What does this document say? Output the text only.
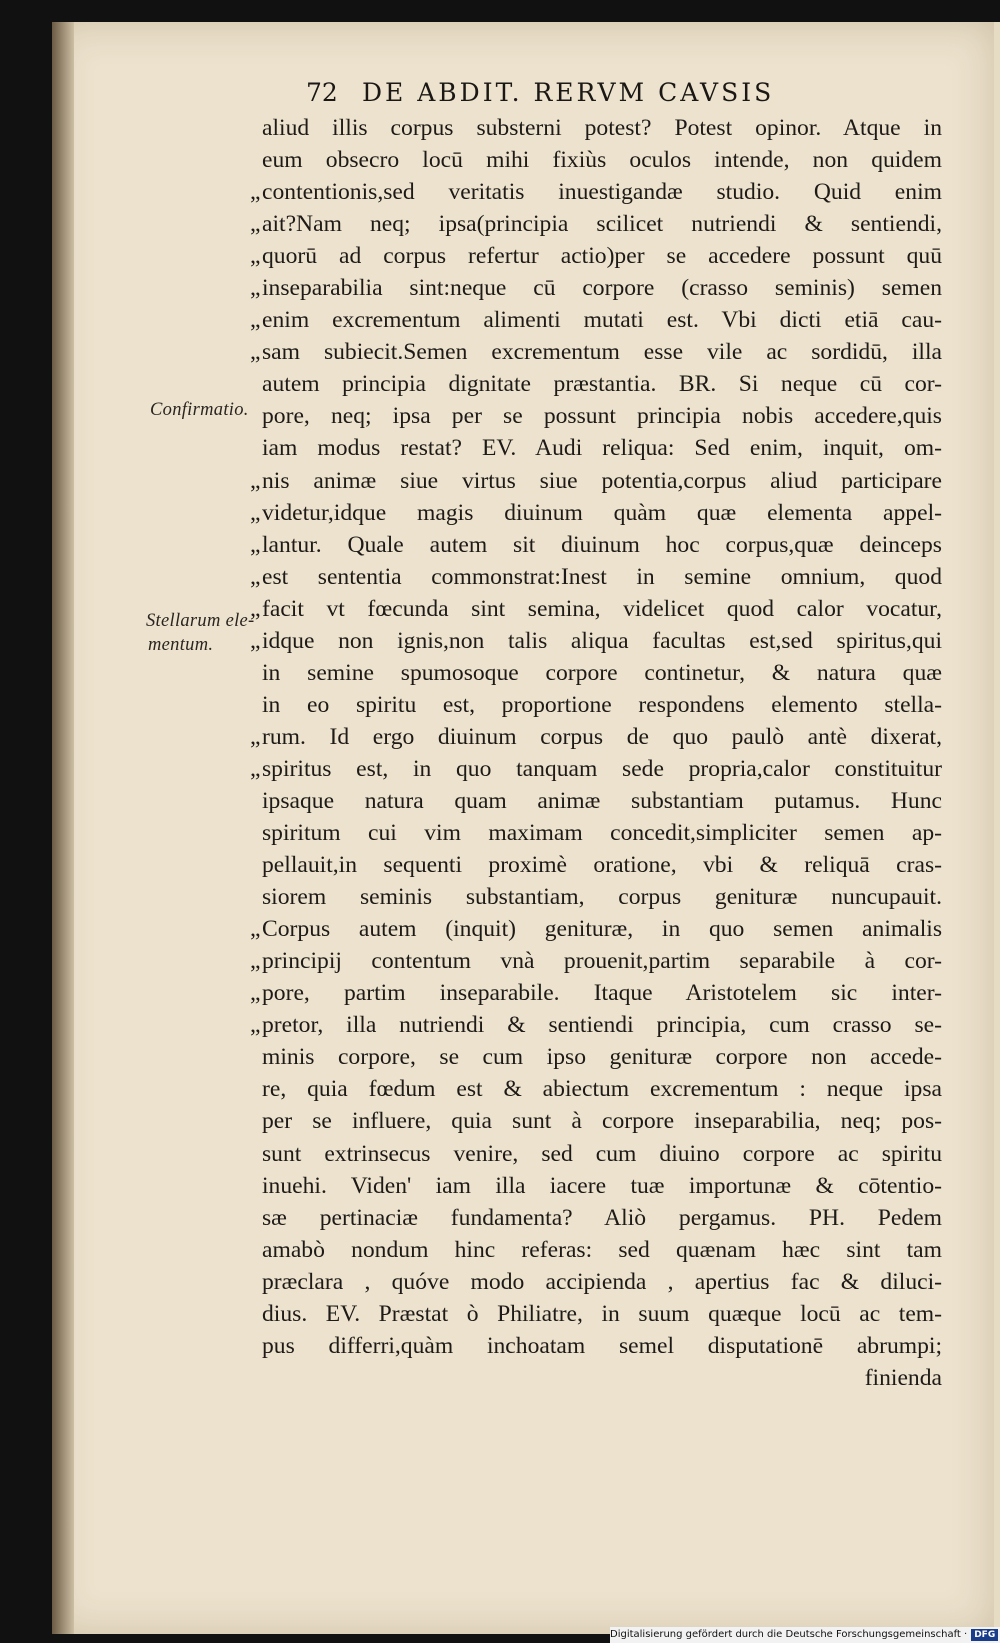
72 DE ABDIT. RERVM CAVSIS
Confirmatio.
Stellarum ele-
mentum.
aliud illis corpus substerni potest? Potest opinor. Atque in
eum obsecro locū mihi fixiùs oculos intende, non quidem
„ contentionis,sed veritatis inuestigandæ studio. Quid enim
„ ait?Nam neq; ipsa(principia scilicet nutriendi & sentiendi,
„ quorū ad corpus refertur actio)per se accedere possunt quū
„ inseparabilia sint:neque cū corpore (crasso seminis) semen
„ enim excrementum alimenti mutati est. Vbi dicti etiā cau-
„ sam subiecit.Semen excrementum esse vile ac sordidū, illa
autem principia dignitate præstantia. BR. Si neque cū cor-
pore, neq; ipsa per se possunt principia nobis accedere,quis
iam modus restat? EV. Audi reliqua: Sed enim, inquit, om-
„ nis animæ siue virtus siue potentia,corpus aliud participare
„ videtur,idque magis diuinum quàm quæ elementa appel-
„ lantur. Quale autem sit diuinum hoc corpus,quæ deinceps
„ est sententia commonstrat:Inest in semine omnium, quod
„ facit vt fœcunda sint semina, videlicet quod calor vocatur,
„ idque non ignis,non talis aliqua facultas est,sed spiritus,qui
in semine spumosoque corpore continetur, & natura quæ
in eo spiritu est, proportione respondens elemento stella-
„ rum. Id ergo diuinum corpus de quo paulò antè dixerat,
„ spiritus est, in quo tanquam sede propria,calor constituitur
ipsaque natura quam animæ substantiam putamus. Hunc
spiritum cui vim maximam concedit,simpliciter semen ap-
pellauit,in sequenti proximè oratione, vbi & reliquā cras-
siorem seminis substantiam, corpus genituræ nuncupauit.
„ Corpus autem (inquit) genituræ, in quo semen animalis
„ principij contentum vnà prouenit,partim separabile à cor-
„ pore, partim inseparabile. Itaque Aristotelem sic inter-
„ pretor, illa nutriendi & sentiendi principia, cum crasso se-
minis corpore, se cum ipso genituræ corpore non accede-
re, quia fœdum est & abiectum excrementum : neque ipsa
per se influere, quia sunt à corpore inseparabilia, neq; pos-
sunt extrinsecus venire, sed cum diuino corpore ac spiritu
inuehi. Viden' iam illa iacere tuæ importunæ & cōtentio-
sæ pertinaciæ fundamenta? Aliò pergamus. PH. Pedem
amabò nondum hinc referas: sed quænam hæc sint tam
præclara , quóve modo accipienda , apertius fac & diluci-
dius. EV. Præstat ò Philiatre, in suum quæque locū ac tem-
pus differri,quàm inchoatam semel disputationē abrumpi;
finienda
Digitalisierung gefördert durch die Deutsche Forschungsgemeinschaft · DFG
